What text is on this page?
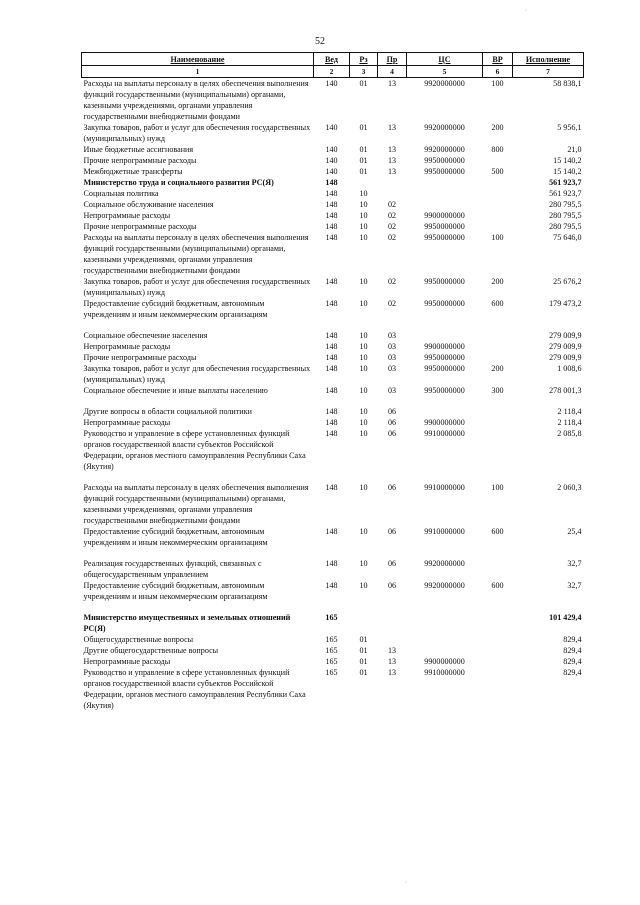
52
·
·
Наименование	Вед	Рз	Пр	ЦС	ВР	Исполнение
1	2	3	4	5	6	7
Расходы на выплаты персоналу в целях обеспечения выполнения функций государственными (муниципальными) органами, казенными учреждениями, органами управления государственными внебюджетными фондами	140	01	13	9920000000	100	58 838,1
Закупка товаров, работ и услуг для обеспечения государственных (муниципальных) нужд	140	01	13	9920000000	200	5 956,1
Иные бюджетные ассигнования	140	01	13	9920000000	800	21,0
Прочие непрограммные расходы	140	01	13	9950000000		15 140,2
Межбюджетные трансферты	140	01	13	9950000000	500	15 140,2
Министерство труда и социального развития РС(Я)	148					561 923,7
Социальная политика	148	10				561 923,7
Социальное обслуживание населения	148	10	02			280 795,5
Непрограммные расходы	148	10	02	9900000000		280 795,5
Прочие непрограммные расходы	148	10	02	9950000000		280 795,5
Расходы на выплаты персоналу в целях обеспечения выполнения функций государственными (муниципальными) органами, казенными учреждениями, органами управления государственными внебюджетными фондами	148	10	02	9950000000	100	75 646,0
Закупка товаров, работ и услуг для обеспечения государственных (муниципальных) нужд	148	10	02	9950000000	200	25 676,2
Предоставление субсидий бюджетным, автономным учреждениям и иным некоммерческим организациям	148	10	02	9950000000	600	179 473,2

Социальное обеспечение населения	148	10	03			279 009,9
Непрограммные расходы	148	10	03	9900000000		279 009,9
Прочие непрограммные расходы	148	10	03	9950000000		279 009,9
Закупка товаров, работ и услуг для обеспечения государственных (муниципальных) нужд	148	10	03	9950000000	200	1 008,6
Социальное обеспечение и иные выплаты населению	148	10	03	9950000000	300	278 001,3

Другие вопросы в области социальной политики	148	10	06			2 118,4
Непрограммные расходы	148	10	06	9900000000		2 118,4
Руководство и управление в сфере установленных функций органов государственной власти субъектов Российской Федерации, органов местного самоуправления Республики Саха (Якутия)	148	10	06	9910000000		2 085,8

Расходы на выплаты персоналу в целях обеспечения выполнения функций государственными (муниципальными) органами, казенными учреждениями, органами управления государственными внебюджетными фондами	148	10	06	9910000000	100	2 060,3
Предоставление субсидий бюджетным, автономным учреждениям и иным некоммерческим организациям	148	10	06	9910000000	600	25,4

Реализация государственных функций, связанных с общегосударственным управлением	148	10	06	9920000000		32,7
Предоставление субсидий бюджетным, автономным учреждениям и иным некоммерческим организациям	148	10	06	9920000000	600	32,7

Министерство имущественных и земельных отношений РС(Я)	165					101 429,4
Общегосударственные вопросы	165	01				829,4
Другие общегосударственные вопросы	165	01	13			829,4
Непрограммные расходы	165	01	13	9900000000		829,4
Руководство и управление в сфере установленных функций органов государственной власти субъектов Российской Федерации, органов местного самоуправления Республики Саха (Якутия)	165	01	13	9910000000		829,4
